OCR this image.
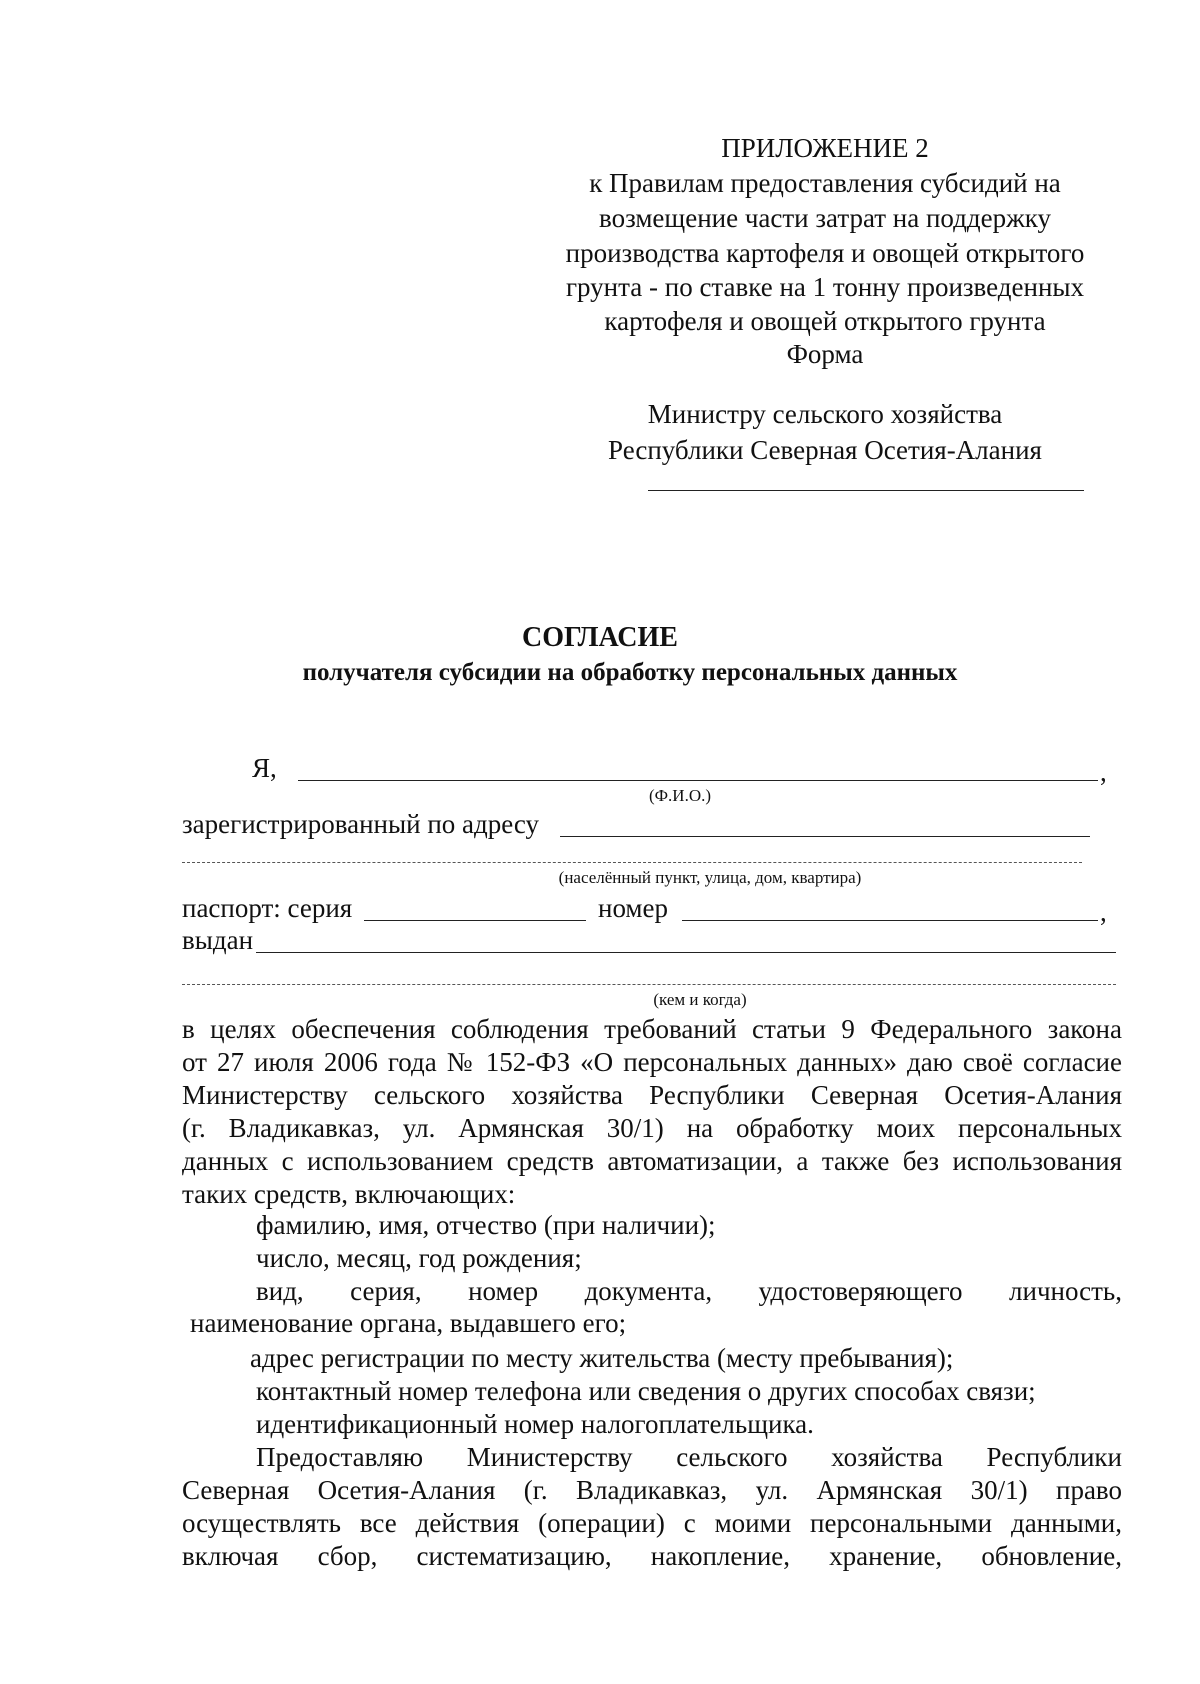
ПРИЛОЖЕНИЕ 2
к Правилам предоставления субсидий на
возмещение части затрат на поддержку
производства картофеля и овощей открытого
грунта - по ставке на 1 тонну произведенных
картофеля и овощей открытого грунта
Форма
Министру сельского хозяйства
Республики Северная Осетия-Алания
СОГЛАСИЕ
получателя субсидии на обработку персональных данных
Я,	,
(Ф.И.О.)
зарегистрированный по адресу
(населённый пункт, улица, дом, квартира)
паспорт: серия	номер	,
выдан
(кем и когда)
в целях обеспечения соблюдения требований статьи 9 Федерального закона
от 27 июля 2006 года № 152-ФЗ «О персональных данных» даю своё согласие
Министерству сельского хозяйства Республики Северная Осетия-Алания
(г. Владикавказ, ул. Армянская 30/1) на обработку моих персональных
данных с использованием средств автоматизации, а также без использования
таких средств, включающих:
фамилию, имя, отчество (при наличии);
число, месяц, год рождения;
вид,    серия,    номер    документа,    удостоверяющего    личность,
наименование органа, выдавшего его;
адрес регистрации по месту жительства (месту пребывания);
контактный номер телефона или сведения о других способах связи;
идентификационный номер налогоплательщика.
Предоставляю Министерству сельского хозяйства Республики
Северная Осетия-Алания (г. Владикавказ, ул. Армянская 30/1) право
осуществлять все действия (операции) с моими персональными данными,
включая сбор, систематизацию, накопление, хранение, обновление,
